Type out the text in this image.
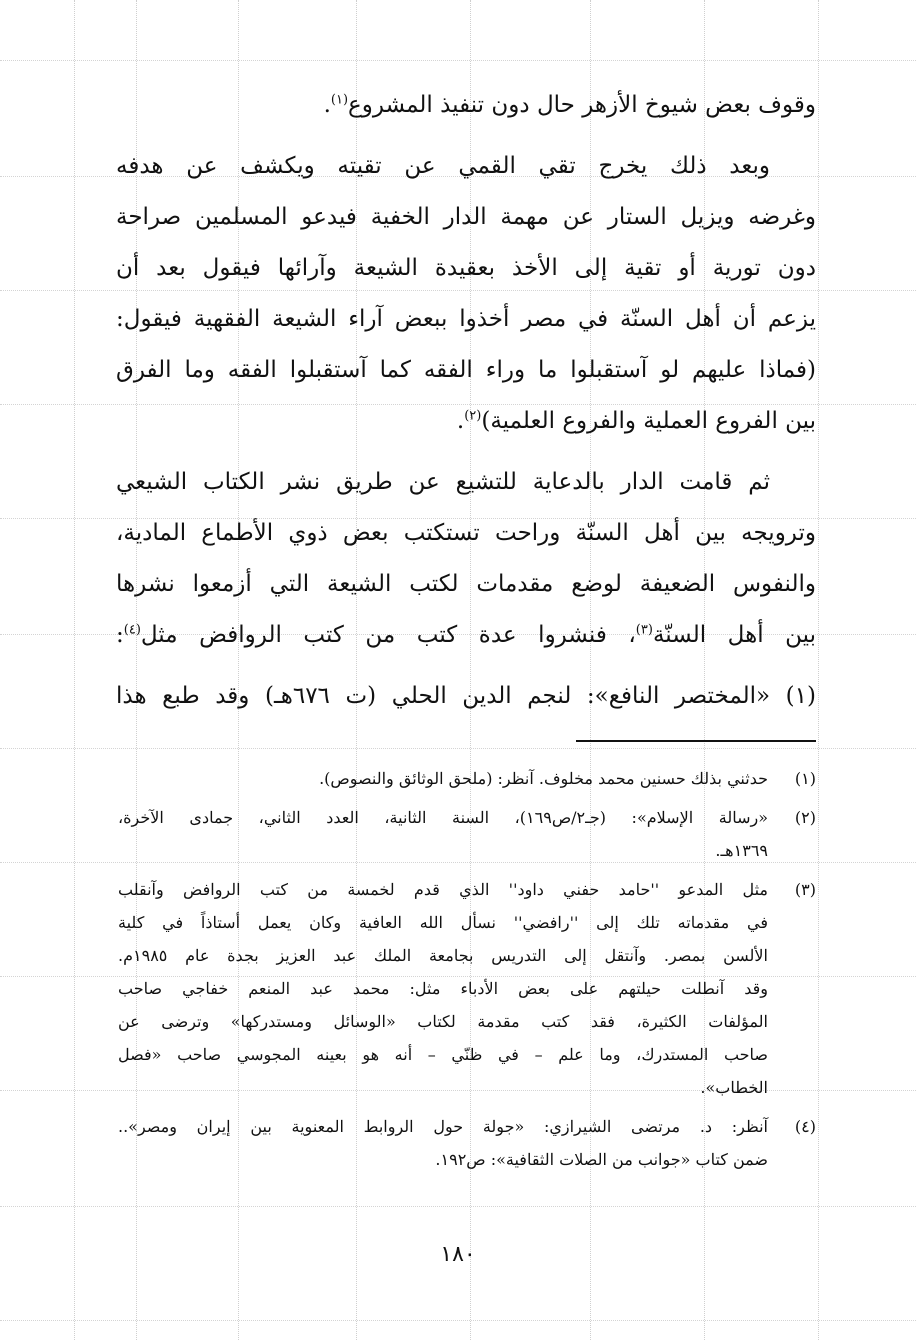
وقوف بعض شيوخ الأزهر حال دون تنفيذ المشروع$^{(١)}$.
وبعد ذلك يخرج تقي القمي عن تقيته ويكشف عن هدفه
وغرضه ويزيل الستار عن مهمة الدار الخفية فيدعو المسلمين صراحة
دون تورية أو تقية إلى الأخذ بعقيدة الشيعة وآرائها فيقول بعد أن
يزعم أن أهل السنّة في مصر أخذوا ببعض آراء الشيعة الفقهية فيقول:
(فماذا عليهم لو آستقبلوا ما وراء الفقه كما آستقبلوا الفقه وما الفرق
بين الفروع العملية والفروع العلمية)$^{(٢)}$.
ثم قامت الدار بالدعاية للتشيع عن طريق نشر الكتاب الشيعي
وترويجه بين أهل السنّة وراحت تستكتب بعض ذوي الأطماع المادية،
والنفوس الضعيفة لوضع مقدمات لكتب الشيعة التي أزمعوا نشرها
بين أهل السنّة$^{(٣)}$، فنشروا عدة كتب من كتب الروافض مثل$^{(٤)}$:
(١) «المختصر النافع»: لنجم الدين الحلي (ت ٦٧٦هـ) وقد طبع هذا
(١)
حدثني بذلك حسنين محمد مخلوف. آنظر: (ملحق الوثائق والنصوص).
(٢)
«رسالة الإسلام»: (جـ٢/ص١٦٩)، السنة الثانية، العدد الثاني، جمادى الآخرة،
١٣٦٩هـ.
(٣)
مثل المدعو ''حامد حفني داود'' الذي قدم لخمسة من كتب الروافض وآنقلب
في مقدماته تلك إلى ''رافضي'' نسأل الله العافية وكان يعمل أستاذاً في كلية
الألسن بمصر. وآنتقل إلى التدريس بجامعة الملك عبد العزيز بجدة عام ١٩٨٥م.
وقد آنطلت حيلتهم على بعض الأدباء مثل: محمد عبد المنعم خفاجي صاحب
المؤلفات الكثيرة، فقد كتب مقدمة لكتاب «الوسائل ومستدركها» وترضى عن
صاحب المستدرك، وما علم – في ظنّي – أنه هو بعينه المجوسي صاحب «فصل
الخطاب».
(٤)
آنظر: د. مرتضى الشيرازي: «جولة حول الروابط المعنوية بين إيران ومصر»..
ضمن كتاب «جوانب من الصلات الثقافية»: ص١٩٢.
١٨٠
